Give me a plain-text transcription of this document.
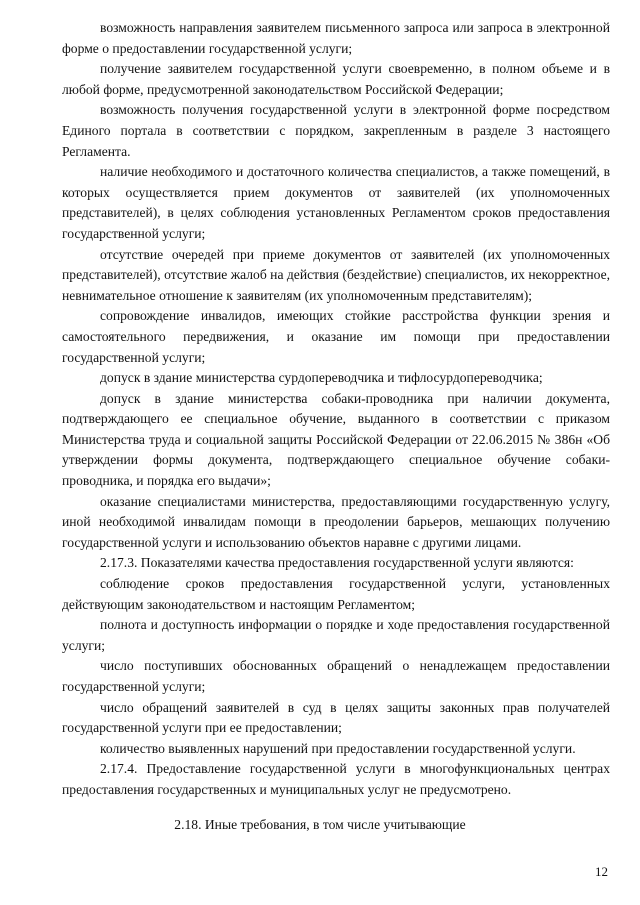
возможность направления заявителем письменного запроса или запроса в электронной форме о предоставлении государственной услуги;

получение заявителем государственной услуги своевременно, в полном объеме и в любой форме, предусмотренной законодательством Российской Федерации;

возможность получения государственной услуги в электронной форме посредством Единого портала в соответствии с порядком, закрепленным в разделе 3 настоящего Регламента.

наличие необходимого и достаточного количества специалистов, а также помещений, в которых осуществляется прием документов от заявителей (их уполномоченных представителей), в целях соблюдения установленных Регламентом сроков предоставления государственной услуги;

отсутствие очередей при приеме документов от заявителей (их уполномоченных представителей), отсутствие жалоб на действия (бездействие) специалистов, их некорректное, невнимательное отношение к заявителям (их уполномоченным представителям);

сопровождение инвалидов, имеющих стойкие расстройства функции зрения и самостоятельного передвижения, и оказание им помощи при предоставлении государственной услуги;

допуск в здание министерства сурдопереводчика и тифлосурдопереводчика;

допуск в здание министерства собаки-проводника при наличии документа, подтверждающего ее специальное обучение, выданного в соответствии с приказом Министерства труда и социальной защиты Российской Федерации от 22.06.2015 № 386н «Об утверждении формы документа, подтверждающего специальное обучение собаки-проводника, и порядка его выдачи»;

оказание специалистами министерства, предоставляющими государственную услугу, иной необходимой инвалидам помощи в преодолении барьеров, мешающих получению государственной услуги и использованию объектов наравне с другими лицами.

2.17.3. Показателями качества предоставления государственной услуги являются:

соблюдение сроков предоставления государственной услуги, установленных действующим законодательством и настоящим Регламентом;

полнота и доступность информации о порядке и ходе предоставления государственной услуги;

число поступивших обоснованных обращений о ненадлежащем предоставлении государственной услуги;

число обращений заявителей в суд в целях защиты законных прав получателей государственной услуги при ее предоставлении;

количество выявленных нарушений при предоставлении государственной услуги.

2.17.4. Предоставление государственной услуги в многофункциональных центрах предоставления государственных и муниципальных услуг не предусмотрено.

2.18. Иные требования, в том числе учитывающие

12
